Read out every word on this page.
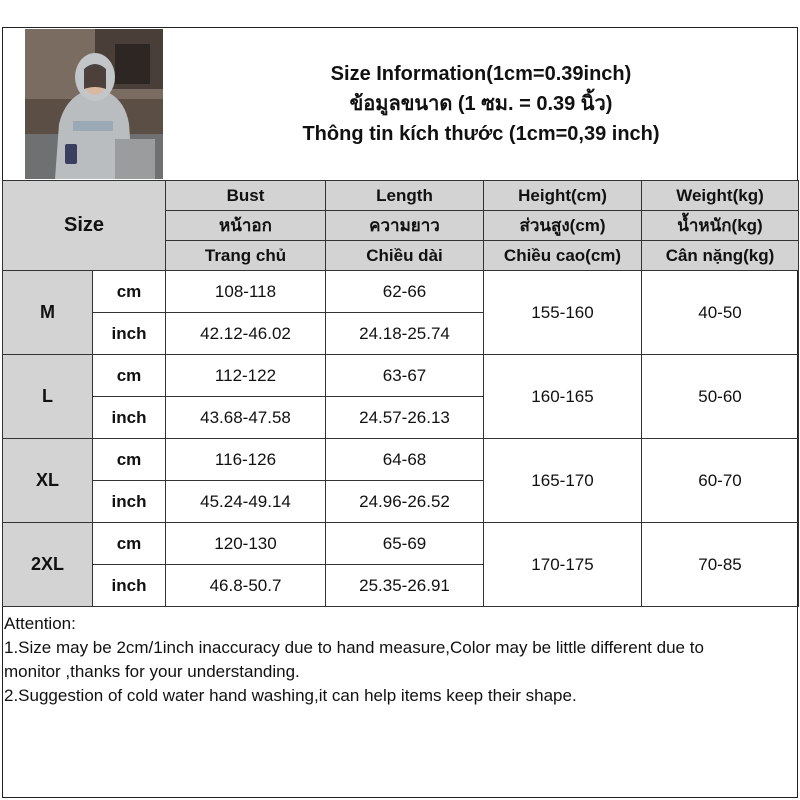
Size Information(1cm=0.39inch)
ข้อมูลขนาด (1 ซม. = 0.39 นิ้ว)
Thông tin kích thước (1cm=0,39 inch)
Size		Bust	Length	Height(cm)	Weight(kg)
		หน้าอก	ความยาว	ส่วนสูง(cm)	น้ำหนัก(kg)
		Trang chủ	Chiều dài	Chiều cao(cm)	Cân nặng(kg)
M	cm	108-118	62-66	155-160	40-50
	inch	42.12-46.02	24.18-25.74		
L	cm	112-122	63-67	160-165	50-60
	inch	43.68-47.58	24.57-26.13		
XL	cm	116-126	64-68	165-170	60-70
	inch	45.24-49.14	24.96-26.52		
2XL	cm	120-130	65-69	170-175	70-85
	inch	46.8-50.7	25.35-26.91		
Attention:
1.Size may be 2cm/1inch inaccuracy due to hand measure,Color may be little different due to
monitor ,thanks for your understanding.
2.Suggestion of cold water hand washing,it can help items keep their shape.
